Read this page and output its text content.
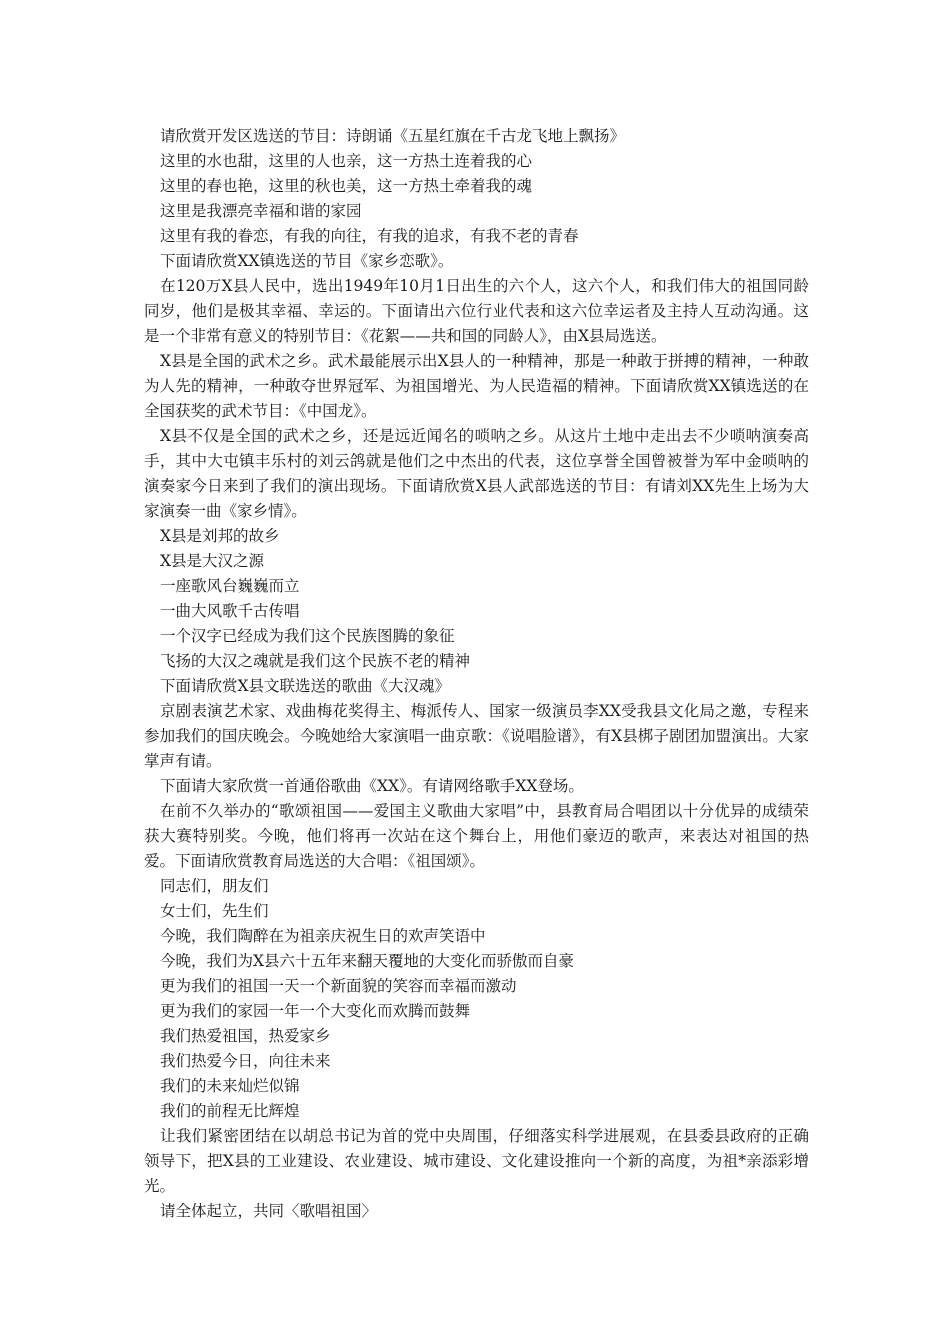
请欣赏开发区选送的节目：诗朗诵《五星红旗在千古龙飞地上飘扬》

这里的水也甜，这里的人也亲，这一方热土连着我的心

这里的春也艳，这里的秋也美，这一方热土牵着我的魂

这里是我漂亮幸福和谐的家园

这里有我的眷恋，有我的向往，有我的追求，有我不老的青春

下面请欣赏XX镇选送的节目《家乡恋歌》。

在120万X县人民中，选出1949年10月1日出生的六个人，这六个人，和我们伟大的祖国同龄同岁，他们是极其幸福、幸运的。下面请出六位行业代表和这六位幸运者及主持人互动沟通。这是一个非常有意义的特别节目：《花絮——共和国的同龄人》，由X县局选送。

X县是全国的武术之乡。武术最能展示出X县人的一种精神，那是一种敢于拼搏的精神，一种敢为人先的精神，一种敢夺世界冠军、为祖国增光、为人民造福的精神。下面请欣赏XX镇选送的在全国获奖的武术节目：《中国龙》。

X县不仅是全国的武术之乡，还是远近闻名的唢呐之乡。从这片土地中走出去不少唢呐演奏高手，其中大屯镇丰乐村的刘云鸽就是他们之中杰出的代表，这位享誉全国曾被誉为军中金唢呐的演奏家今日来到了我们的演出现场。下面请欣赏X县人武部选送的节目：有请刘XX先生上场为大家演奏一曲《家乡情》。

X县是刘邦的故乡

X县是大汉之源

一座歌风台巍巍而立

一曲大风歌千古传唱

一个汉字已经成为我们这个民族图腾的象征

飞扬的大汉之魂就是我们这个民族不老的精神

下面请欣赏X县文联选送的歌曲《大汉魂》

京剧表演艺术家、戏曲梅花奖得主、梅派传人、国家一级演员李XX受我县文化局之邀，专程来参加我们的国庆晚会。今晚她给大家演唱一曲京歌：《说唱脸谱》，有X县梆子剧团加盟演出。大家掌声有请。

下面请大家欣赏一首通俗歌曲《XX》。有请网络歌手XX登场。

在前不久举办的“歌颂祖国——爱国主义歌曲大家唱”中，县教育局合唱团以十分优异的成绩荣获大赛特别奖。今晚，他们将再一次站在这个舞台上，用他们豪迈的歌声，来表达对祖国的热爱。下面请欣赏教育局选送的大合唱：《祖国颂》。

同志们，朋友们

女士们，先生们

今晚，我们陶醉在为祖亲庆祝生日的欢声笑语中

今晚，我们为X县六十五年来翻天覆地的大变化而骄傲而自豪

更为我们的祖国一天一个新面貌的笑容而幸福而激动

更为我们的家园一年一个大变化而欢腾而鼓舞

我们热爱祖国，热爱家乡

我们热爱今日，向往未来

我们的未来灿烂似锦

我们的前程无比辉煌

让我们紧密团结在以胡总书记为首的党中央周围，仔细落实科学进展观，在县委县政府的正确领导下，把X县的工业建设、农业建设、城市建设、文化建设推向一个新的高度，为祖*亲添彩增光。

请全体起立，共同〈歌唱祖国〉
